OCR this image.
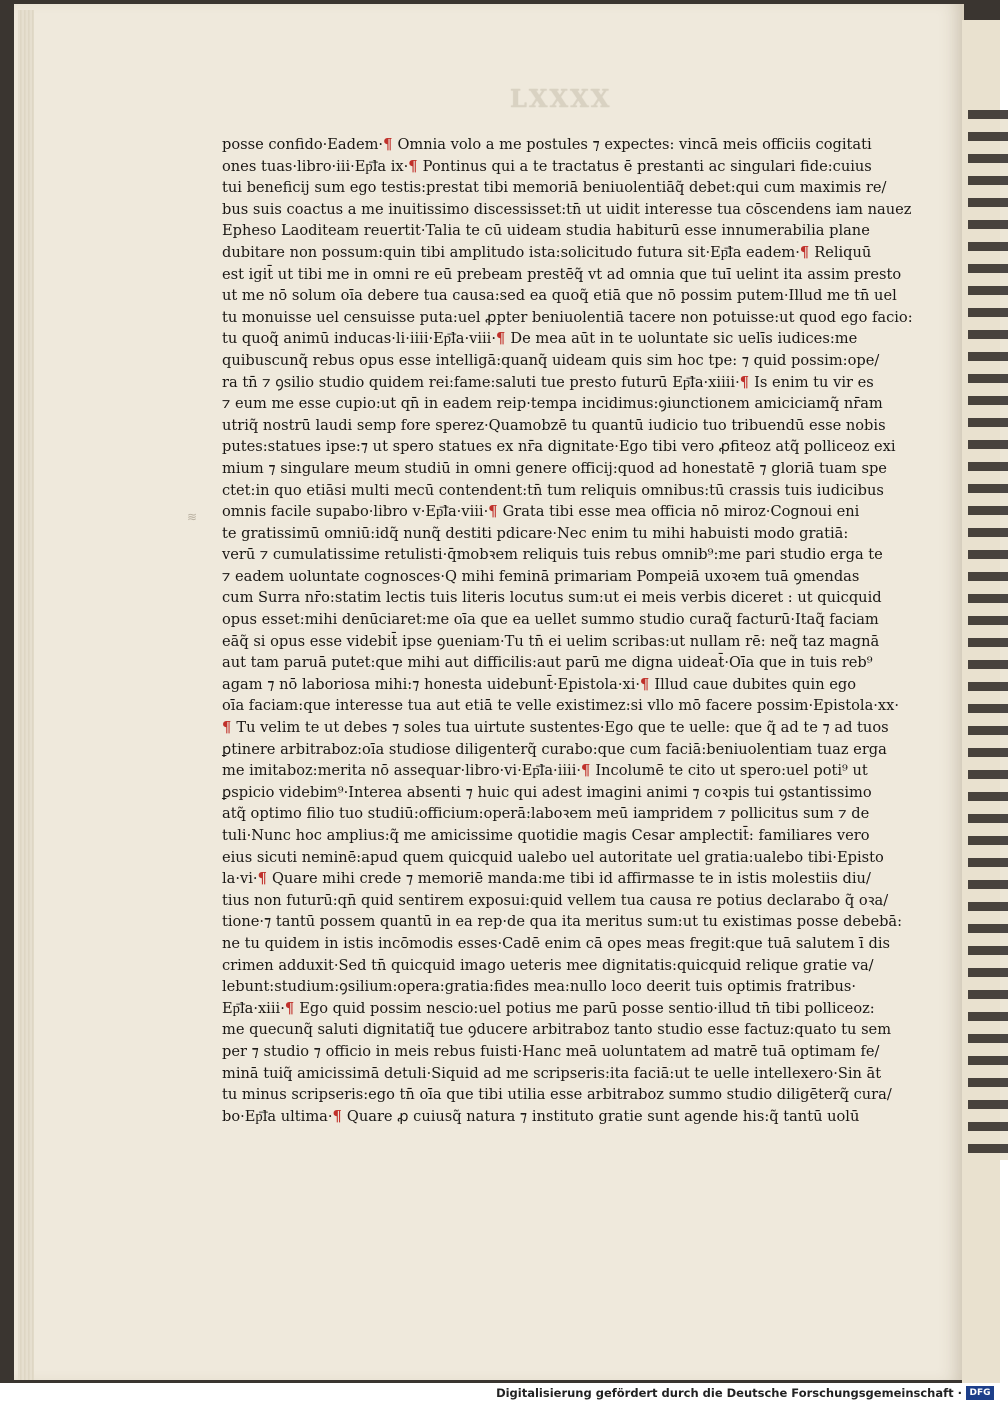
LXXXX
≋
posse confido·Eadem·¶ Omnia volo a me postules ⁊ expectes: vincā meis officiis cogitati
ones tuas·libro·iii·Ep͞la ix·¶ Pontinus qui a te tractatus ē prestanti ac singulari fide:cuius
tui beneficij sum ego testis:prestat tibi memoriā beniuolentiāq̃ debet:qui cum maximis re/
bus suis coactus a me inuitissimo discessisset:tn̄ ut uidit interesse tua cōscendens iam nauez
Epheso Laoditeam reuertit·Talia te cū uideam studia habiturū esse innumerabilia plane
dubitare non possum:quin tibi amplitudo ista:solicitudo futura sit·Ep͞la eadem·¶ Reliquū
est igit̄ ut tibi me in omni re eū prebeam prestēq̃ vt ad omnia que tuī uelint ita assim presto
ut me nō solum oīa debere tua causa:sed ea quoq̃ etiā que nō possim putem·Illud me tn̄ uel
tu monuisse uel censuisse puta:uel ꝓpter beniuolentiā tacere non potuisse:ut quod ego facio:
tu quoq̃ animū inducas·li·iiii·Ep͞la·viii·¶ De mea aūt in te uoluntate sic uelīs iudices:me
quibuscunq̃ rebus opus esse intelligā:quanq̃ uideam quis sim hoc tpe: ⁊ quid possim:ope/
ra tn̄ ⁊ ꝯsilio studio quidem rei:fame:saluti tue presto futurū Ep͞la·xiiii·¶ Is enim tu vir es
⁊ eum me esse cupio:ut qn̄ in eadem reip·tempa incidimus:ꝯiunctionem amiciciamq̃ nr̄am
utriq̃ nostrū laudi semp fore sperez·Quamobzē tu quantū iudicio tuo tribuendū esse nobis
putes:statues ipse:⁊ ut spero statues ex nr̄a dignitate·Ego tibi vero ꝓfiteoz atq̃ polliceoz exi
mium ⁊ singulare meum studiū in omni genere officij:quod ad honestatē ⁊ gloriā tuam spe
ctet:in quo etiāsi multi mecū contendent:tn̄ tum reliquis omnibus:tū crassis tuis iudicibus
omnis facile supabo·libro v·Ep͞la·viii·¶ Grata tibi esse mea officia nō miroz·Cognoui eni
te gratissimū omniū:idq̃ nunq̃ destiti pdicare·Nec enim tu mihi habuisti modo gratiā:
verū ⁊ cumulatissime retulisti·q̄mobꝛem reliquis tuis rebus omnib⁹:me pari studio erga te
⁊ eadem uoluntate cognosces·Q mihi feminā primariam Pompeiā uxoꝛem tuā ꝯmendas
cum Surra nr̄o:statim lectis tuis literis locutus sum:ut ei meis verbis diceret : ut quicquid
opus esset:mihi denūciaret:me oīa que ea uellet summo studio curaq̃ facturū·Itaq̃ faciam
eāq̃ si opus esse videbit̄ ipse ꝯueniam·Tu tn̄ ei uelim scribas:ut nullam rē: neq̃ taz magnā
aut tam paruā putet:que mihi aut difficilis:aut parū me digna uideat̄·Oīa que in tuis reb⁹
agam ⁊ nō laboriosa mihi:⁊ honesta uidebunt̄·Epistola·xi·¶ Illud caue dubites quin ego
oīa faciam:que interesse tua aut etiā te velle existimez:si vllo mō facere possim·Epistola·xx·
¶ Tu velim te ut debes ⁊ soles tua uirtute sustentes·Ego que te uelle: que q̃ ad te ⁊ ad tuos
ꝑtinere arbitraboz:oīa studiose diligenterq̃ curabo:que cum faciā:beniuolentiam tuaz erga
me imitaboz:merita nō assequar·libro·vi·Ep͞la·iiii·¶ Incolumē te cito ut spero:uel poti⁹ ut
ꝑspicio videbim⁹·Interea absenti ⁊ huic qui adest imagini animi ⁊ coꝛpis tui ꝯstantissimo
atq̃ optimo filio tuo studiū:officium:operā:laboꝛem meū iampridem ⁊ pollicitus sum ⁊ de
tuli·Nunc hoc amplius:q̃ me amicissime quotidie magis Cesar amplectit̄: familiares vero
eius sicuti neminē:apud quem quicquid ualebo uel autoritate uel gratia:ualebo tibi·Episto
la·vi·¶ Quare mihi crede ⁊ memoriē manda:me tibi id affirmasse te in istis molestiis diu/
tius non futurū:qn̄ quid sentirem exposui:quid vellem tua causa re potius declarabo q̃ oꝛa/
tione·⁊ tantū possem quantū in ea rep·de qua ita meritus sum:ut tu existimas posse debebā:
ne tu quidem in istis incōmodis esses·Cadē enim cā opes meas fregit:que tuā salutem ī dis
crimen adduxit·Sed tn̄ quicquid imago ueteris mee dignitatis:quicquid relique gratie va/
lebunt:studium:ꝯsilium:opera:gratia:fides mea:nullo loco deerit tuis optimis fratribus·
Ep͞la·xiii·¶ Ego quid possim nescio:uel potius me parū posse sentio·illud tn̄ tibi polliceoz:
me quecunq̃ saluti dignitatiq̃ tue ꝯducere arbitraboz tanto studio esse factuz:quato tu sem
per ⁊ studio ⁊ officio in meis rebus fuisti·Hanc meā uoluntatem ad matrē tuā optimam fe/
minā tuiq̃ amicissimā detuli·Siquid ad me scripseris:ita faciā:ut te uelle intellexero·Sin āt
tu minus scripseris:ego tn̄ oīa que tibi utilia esse arbitraboz summo studio diligēterq̃ cura/
bo·Ep͞la ultima·¶ Quare ꝓ cuiusq̃ natura ⁊ instituto gratie sunt agende his:q̃ tantū uolū
Digitalisierung gefördert durch die Deutsche Forschungsgemeinschaft · DFG
